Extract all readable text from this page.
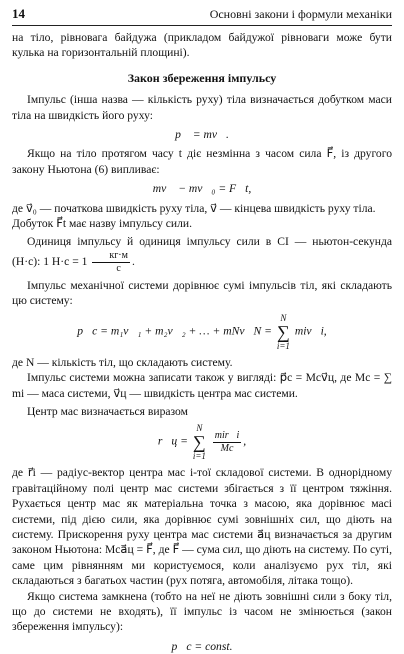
14	Основні закони і формули механіки

на тіло, рівновага байдужа (прикладом байдужої рівноваги може бути кулька на горизонтальній площині).

Закон збереження імпульсу

Імпульс (інша назва — кількість руху) тіла визначається добутком маси тіла на швидкість його руху:

p⃗ = mv⃗.

Якщо на тіло протягом часу t діє незмінна з часом сила F⃗, із другого закону Ньютона (6) випливає:

mv⃗ − mv⃗₀ = F⃗t,

де v⃗₀ — початкова швидкість руху тіла, v⃗ — кінцева швидкість руху тіла.

Добуток F⃗t має назву імпульсу сили.

Одиниця імпульсу й одиниця імпульсу сили в СІ — ньютон-секунда (Н·с): 1 $Н\cdot с = 1 \frac{кг\cdot м}{с}$ .

Імпульс механічної системи дорівнює сумі імпульсів тіл, які складають цю систему:

p⃗c = m₁v⃗₁ + m₂v⃗₂ + … + mNv⃗N =
N
∑
i=1
miv⃗i,

де N — кількість тіл, що складають систему.

Імпульс системи можна записати також у вигляді: p⃗c = Mcv⃗ц, де Mc = ∑ mi — маса системи, v⃗ц — швидкість центра мас системи.

Центр мас визначається виразом

r⃗ц =
N
∑
i=1

$\frac{\text{mir⃗i}}{Mc}$ ,

де r⃗i — радіус-вектор центра мас i-тої складової системи. В однорідному гравітаційному полі центр мас системи збігається з її центром тяжіння. Рухається центр мас як матеріальна точка з масою, яка дорівнює масі системи, під дією сили, яка дорівнює сумі зовнішніх сил, що діють на систему. Прискорення руху центра мас системи a⃗ц визначається за другим законом Ньютона: Mca⃗ц = F⃗, де F⃗ — сума сил, що діють на систему. По суті, саме цим рівнянням ми користуємося, коли аналізуємо рух тіл, які складаються з багатьох частин (рух потяга, автомобіля, літака тощо).

Якщо система замкнена (тобто на неї не діють зовнішні сили з боку тіл, що до системи не входять), її імпульс із часом не змінюється (закон збереження імпульсу):

p⃗c = const.
